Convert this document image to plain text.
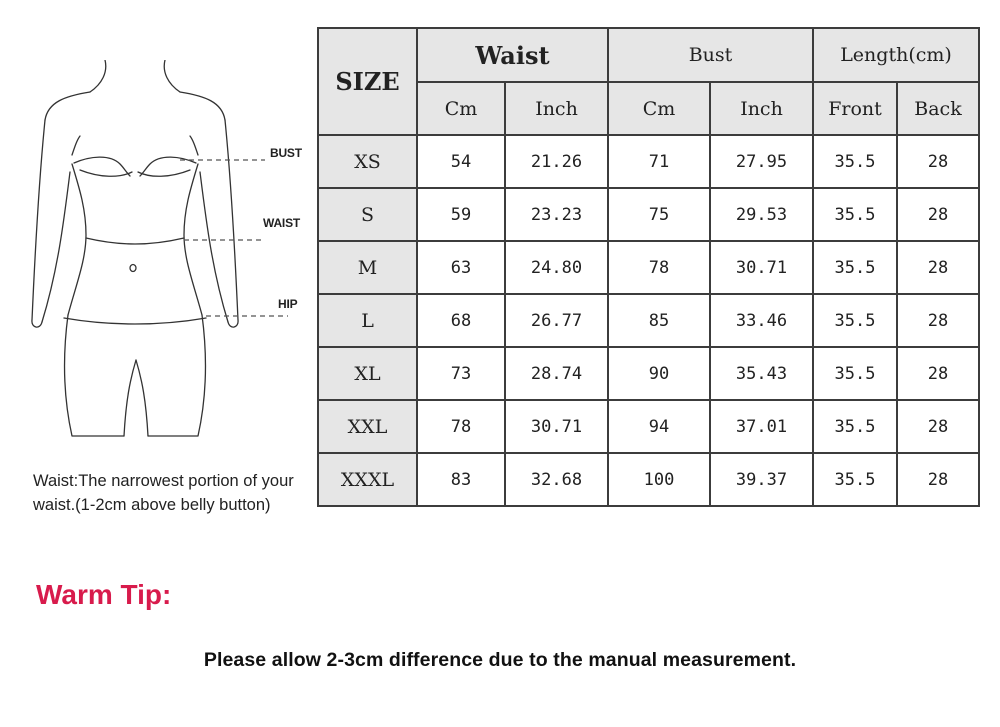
BUST
WAIST
HIP
Waist:The narrowest portion of your waist.(1-2cm above belly button)
SIZE	Waist		Bust		Length(cm)	
	Cm	Inch	Cm	Inch	Front	Back
XS	54	21.26	71	27.95	35.5	28
S	59	23.23	75	29.53	35.5	28
M	63	24.80	78	30.71	35.5	28
L	68	26.77	85	33.46	35.5	28
XL	73	28.74	90	35.43	35.5	28
XXL	78	30.71	94	37.01	35.5	28
XXXL	83	32.68	100	39.37	35.5	28
Warm Tip:
Please allow 2-3cm difference due to the manual measurement.
